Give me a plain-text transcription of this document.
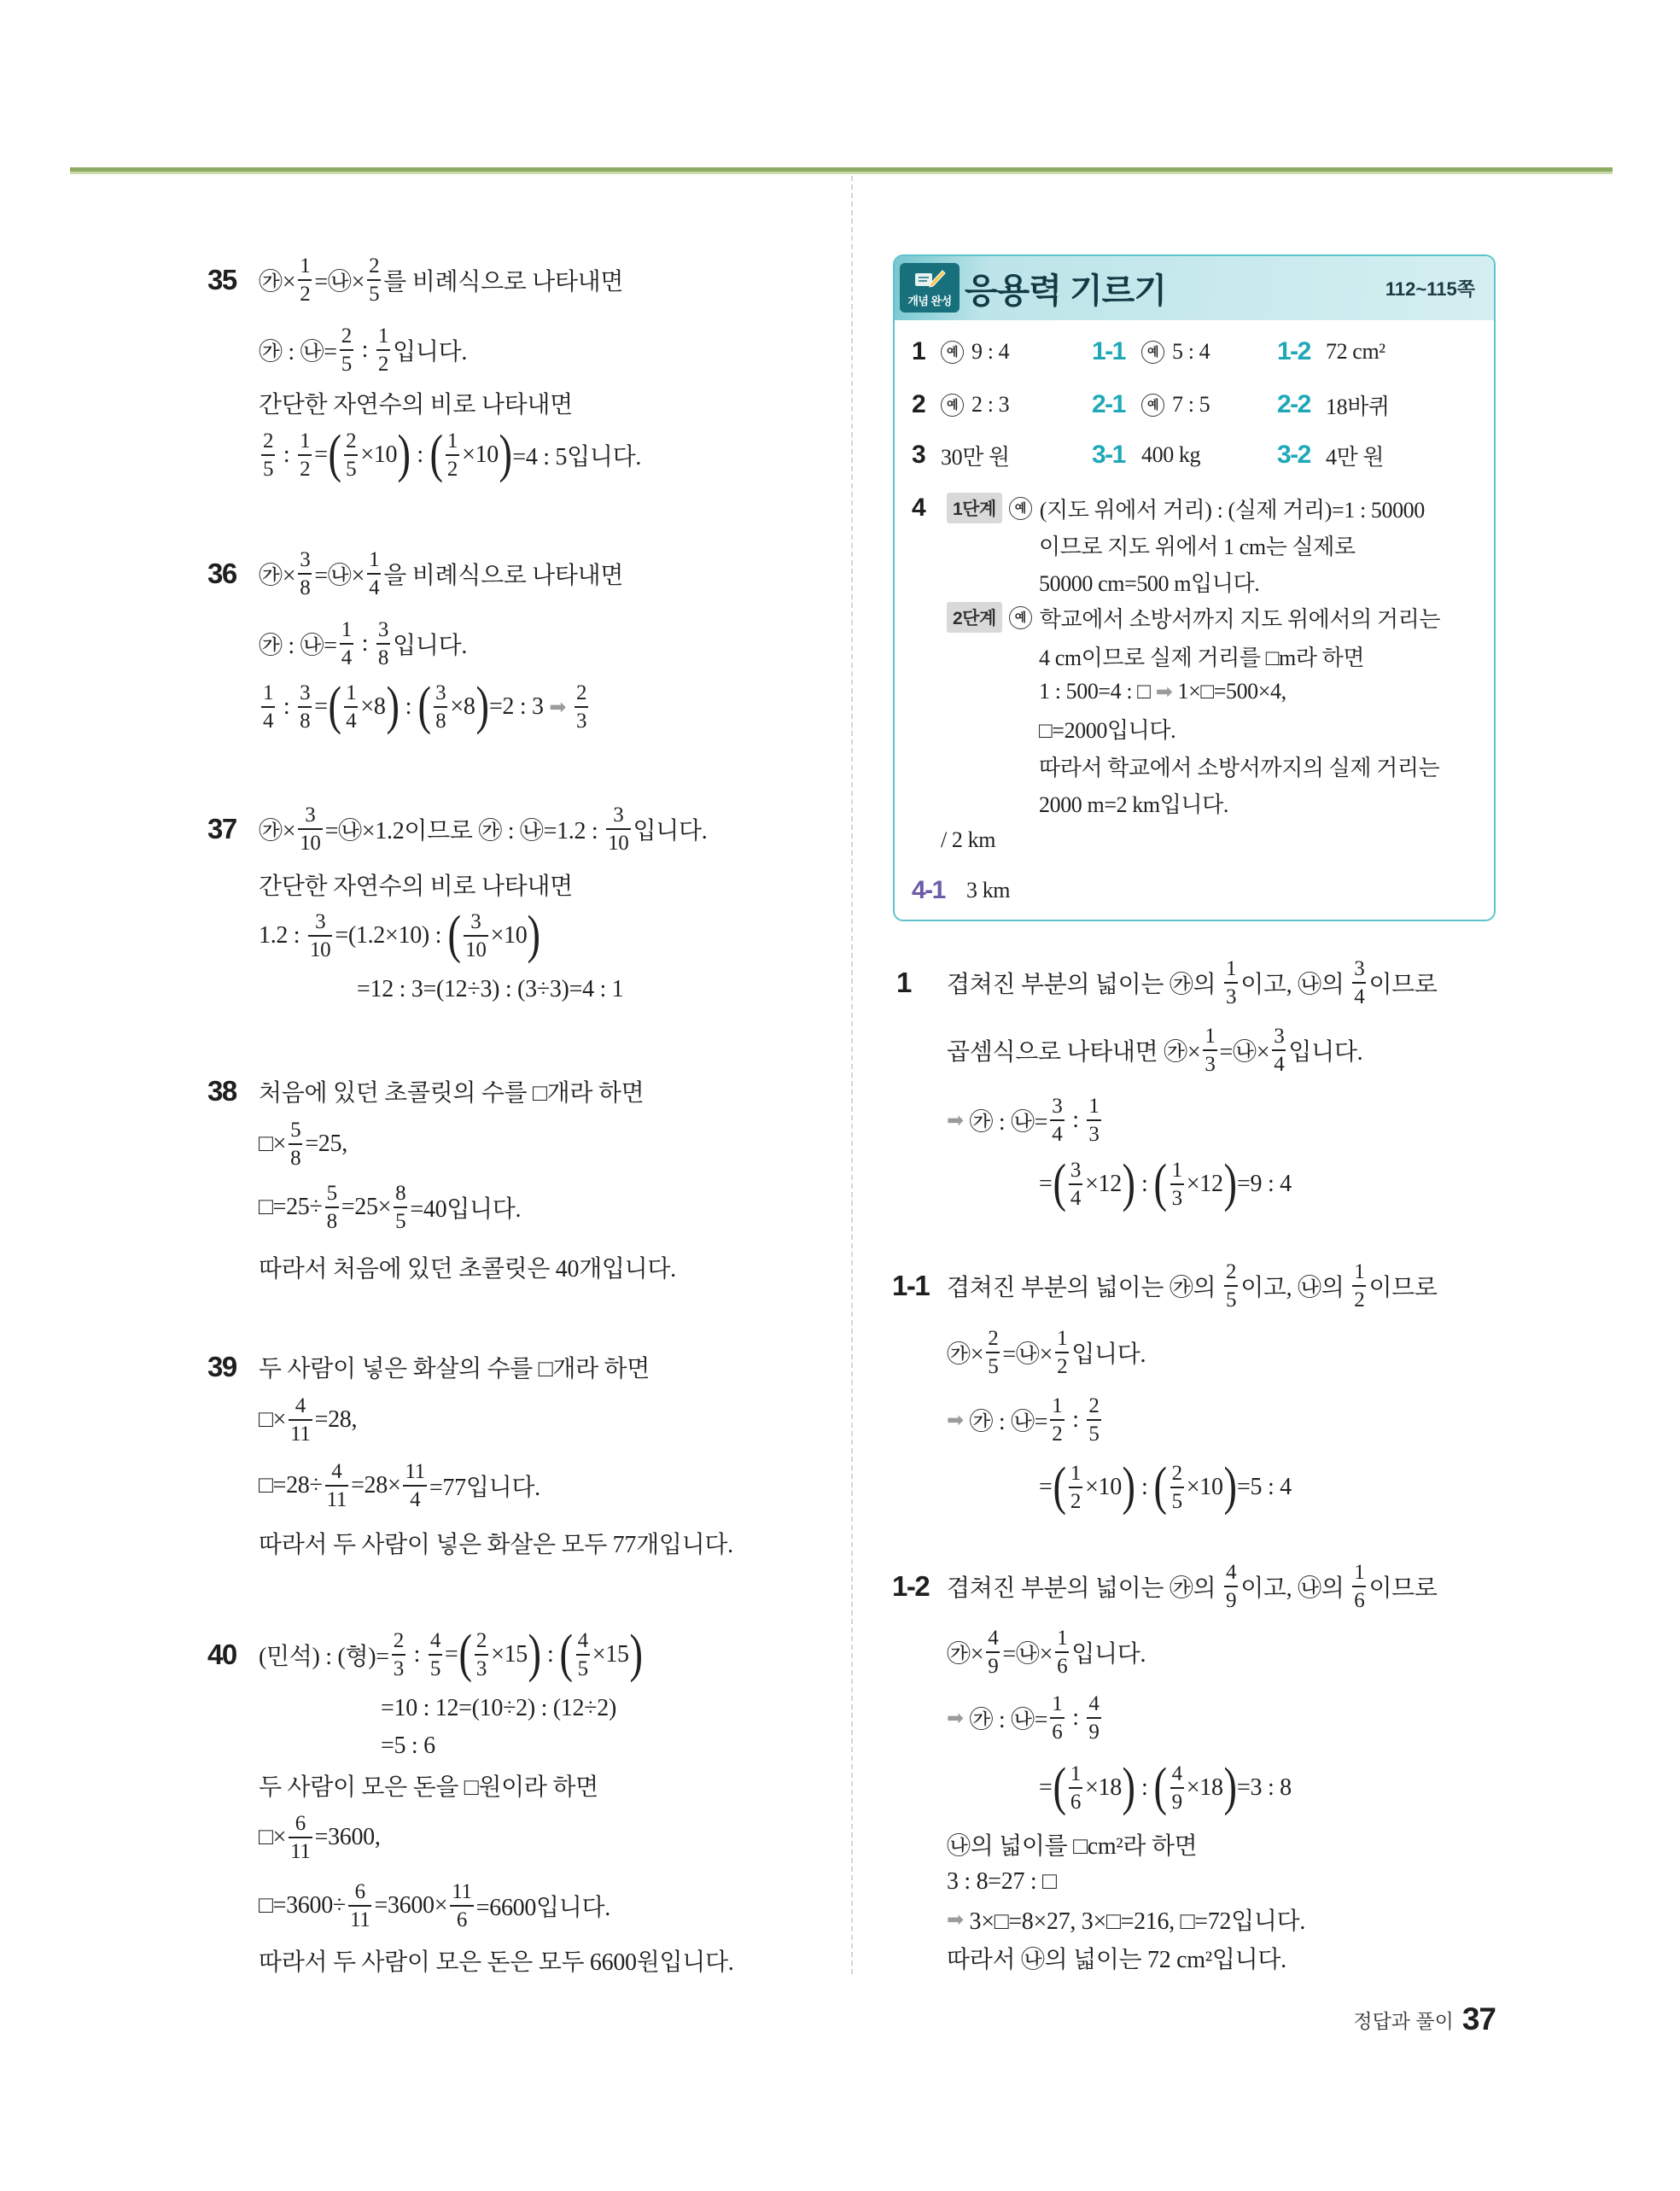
35 ㉮× $\frac{1}{2}$ =㉯× $\frac{2}{5}$ 를 비례식으로 나타내면
㉮ : ㉯= $\frac{2}{5}$ : $\frac{1}{2}$ 입니다.
간단한 자연수의 비로 나타내면
$\frac{2}{5}$ : $\frac{1}{2}$ = ( $\frac{2}{5} \times 10$ ) : ( $\frac{1}{2} \times 10$ ) =4 : 5입니다.
36 ㉮× $\frac{3}{8}$ =㉯× $\frac{1}{4}$ 을 비례식으로 나타내면
㉮ : ㉯= $\frac{1}{4}$ : $\frac{3}{8}$ 입니다.
$\frac{1}{4}$ : $\frac{3}{8}$ = ( $\frac{1}{4} \times 8$ ) : ( $\frac{3}{8} \times 8$ ) =2 : 3 ➡
$\frac{2}{3}$
37 ㉮× $\frac{3}{10}$ =㉯×1.2이므로 ㉮ : ㉯=1.2 : $\frac{3}{10}$ 입니다.
간단한 자연수의 비로 나타내면
1.2 : $\frac{3}{10} =(1.2\times 10)$ : ( $\frac{3}{10} \times 10$ )
=12 : 3=(12÷3) : (3÷3)=4 : 1
38 처음에 있던 초콜릿의 수를 □개라 하면
□× $\frac{5}{8} =25$,
□=25÷ $\frac{5}{8} =25\times \frac{8}{5} =40$입니다.
따라서 처음에 있던 초콜릿은 40개입니다.
39 두 사람이 넣은 화살의 수를 □개라 하면
□× $\frac{4}{11} =28$,
□=28÷ $\frac{4}{11} =28\times \frac{11}{4} =77$입니다.
따라서 두 사람이 넣은 화살은 모두 77개입니다.
40 (민석) : (형)= $\frac{2}{3}$ : $\frac{4}{5}$ = ( $\frac{2}{3} \times 15$ ) : ( $\frac{4}{5} \times 15$ )
=10 : 12=(10÷2) : (12÷2)
=5 : 6
두 사람이 모은 돈을 □원이라 하면
□× $\frac{6}{11} =3600$,
□=3600÷ $\frac{6}{11} =3600\times \frac{11}{6} =6600$입니다.
따라서 두 사람이 모은 돈은 모두 6600원입니다.
개념 완성 응용력 기르기	112~115쪽
1	예 9 : 4	1-1	예 5 : 4	1-2 72 cm²
2	예 2 : 3	2-1	예 7 : 5	2-2 18바퀴
3 30만 원	3-1 400 kg	3-2 4만 원
4	1단계	예 (지도 위에서 거리) : (실제 거리)=1 : 50000
이므로 지도 위에서 1 cm는 실제로
50000 cm=500 m입니다.
2단계	예 학교에서 소방서까지 지도 위에서의 거리는
4 cm이므로 실제 거리를 □m라 하면
1 : 500=4 : □ ➡ 1×□=500×4,
□=2000입니다.
따라서 학교에서 소방서까지의 실제 거리는
2000 m=2 km입니다.
/ 2 km
4-1 3 km
1 겹쳐진 부분의 넓이는 ㉮의 $\frac{1}{3}$ 이고, ㉯의 $\frac{3}{4}$ 이므로
곱셈식으로 나타내면 ㉮× $\frac{1}{3}$ =㉯× $\frac{3}{4}$ 입니다.
➡ ㉮ : ㉯= $\frac{3}{4}$ : $\frac{1}{3}$
= ( $\frac{3}{4} \times 12$ ) : ( $\frac{1}{3} \times 12$ ) =9 : 4
1-1 겹쳐진 부분의 넓이는 ㉮의 $\frac{2}{5}$ 이고, ㉯의 $\frac{1}{2}$ 이므로
㉮× $\frac{2}{5}$ =㉯× $\frac{1}{2}$ 입니다.
➡ ㉮ : ㉯= $\frac{1}{2}$ : $\frac{2}{5}$
= ( $\frac{1}{2} \times 10$ ) : ( $\frac{2}{5} \times 10$ ) =5 : 4
1-2 겹쳐진 부분의 넓이는 ㉮의 $\frac{4}{9}$ 이고, ㉯의 $\frac{1}{6}$ 이므로
㉮× $\frac{4}{9}$ =㉯× $\frac{1}{6}$ 입니다.
➡ ㉮ : ㉯= $\frac{1}{6}$ : $\frac{4}{9}$
= ( $\frac{1}{6} \times 18$ ) : ( $\frac{4}{9} \times 18$ ) =3 : 8
㉯의 넓이를 □cm²라 하면
3 : 8=27 : □
➡ 3×□=8×27, 3×□=216, □=72입니다.
따라서 ㉯의 넓이는 72 cm²입니다.
정답과 풀이 37
